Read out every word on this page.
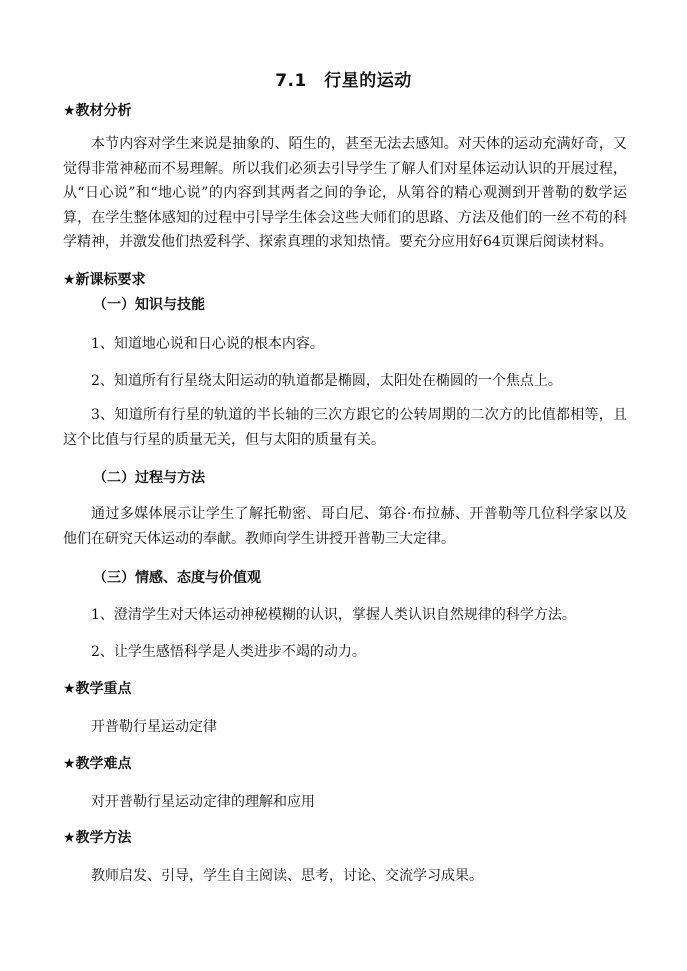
7.1　行星的运动
★教材分析
本节内容对学生来说是抽象的、陌生的，甚至无法去感知。对天体的运动充满好奇，又觉得非常神秘而不易理解。所以我们必须去引导学生了解人们对星体运动认识的开展过程，从“日心说”和“地心说”的内容到其两者之间的争论，从第谷的精心观测到开普勒的数学运算，在学生整体感知的过程中引导学生体会这些大师们的思路、方法及他们的一丝不苟的科学精神，并激发他们热爱科学、探索真理的求知热情。要充分应用好64页课后阅读材料。
★新课标要求
（一）知识与技能
1、知道地心说和日心说的根本内容。
2、知道所有行星绕太阳运动的轨道都是椭圆，太阳处在椭圆的一个焦点上。
3、知道所有行星的轨道的半长轴的三次方跟它的公转周期的二次方的比值都相等，且这个比值与行星的质量无关，但与太阳的质量有关。
（二）过程与方法
通过多媒体展示让学生了解托勒密、哥白尼、第谷·布拉赫、开普勒等几位科学家以及他们在研究天体运动的奉献。教师向学生讲授开普勒三大定律。
（三）情感、态度与价值观
1、澄清学生对天体运动神秘模糊的认识，掌握人类认识自然规律的科学方法。
2、让学生感悟科学是人类进步不竭的动力。
★教学重点
开普勒行星运动定律
★教学难点
对开普勒行星运动定律的理解和应用
★教学方法
教师启发、引导，学生自主阅读、思考，讨论、交流学习成果。
